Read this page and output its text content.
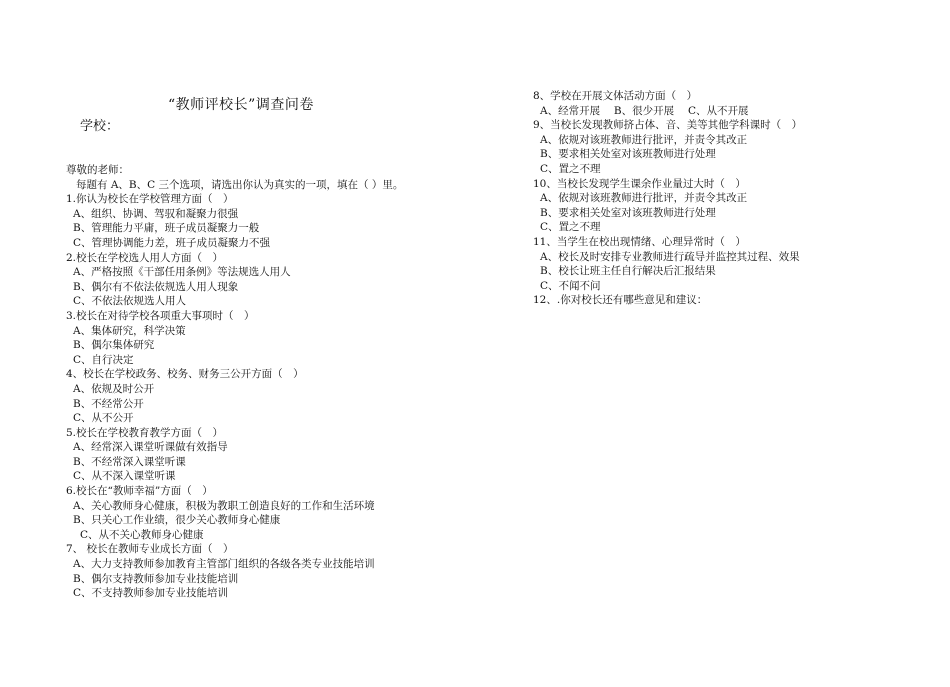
“教师评校长”调查问卷
学校：
尊敬的老师：
每题有 A、B、C 三个选项，请选出你认为真实的一项，填在（ ）里。
1.你认为校长在学校管理方面（　）
A、组织、协调、驾驭和凝聚力很强
B、管理能力平庸，班子成员凝聚力一般
C、管理协调能力差，班子成员凝聚力不强
2.校长在学校选人用人方面（　）
A、严格按照《干部任用条例》等法规选人用人
B、偶尔有不依法依规选人用人现象
C、不依法依规选人用人
3.校长在对待学校各项重大事项时（　）
A、集体研究，科学决策
B、偶尔集体研究
C、自行决定
4、校长在学校政务、校务、财务三公开方面（　）
A、依规及时公开
B、不经常公开
C、从不公开
5.校长在学校教育教学方面（　）
A、经常深入课堂听课做有效指导
B、不经常深入课堂听课
C、从不深入课堂听课
6.校长在“教师幸福”方面（　）
A、关心教师身心健康，积极为教职工创造良好的工作和生活环境
B、只关心工作业绩，很少关心教师身心健康
C、从不关心教师身心健康
7、 校长在教师专业成长方面（　）
A、大力支持教师参加教育主管部门组织的各级各类专业技能培训
B、偶尔支持教师参加专业技能培训
C、不支持教师参加专业技能培训
8、学校在开展文体活动方面（　）
A、经常开展　 B、很少开展　 C、从不开展
9、当校长发现教师挤占体、音、美等其他学科课时（　）
A、依规对该班教师进行批评，并责令其改正
B、要求相关处室对该班教师进行处理
C、置之不理
10、当校长发现学生课余作业量过大时（　）
A、依规对该班教师进行批评，并责令其改正
B、要求相关处室对该班教师进行处理
C、置之不理
11、当学生在校出现情绪、心理异常时（　）
A、校长及时安排专业教师进行疏导并监控其过程、效果
B、校长让班主任自行解决后汇报结果
C、不闻不问
12、.你对校长还有哪些意见和建议：
